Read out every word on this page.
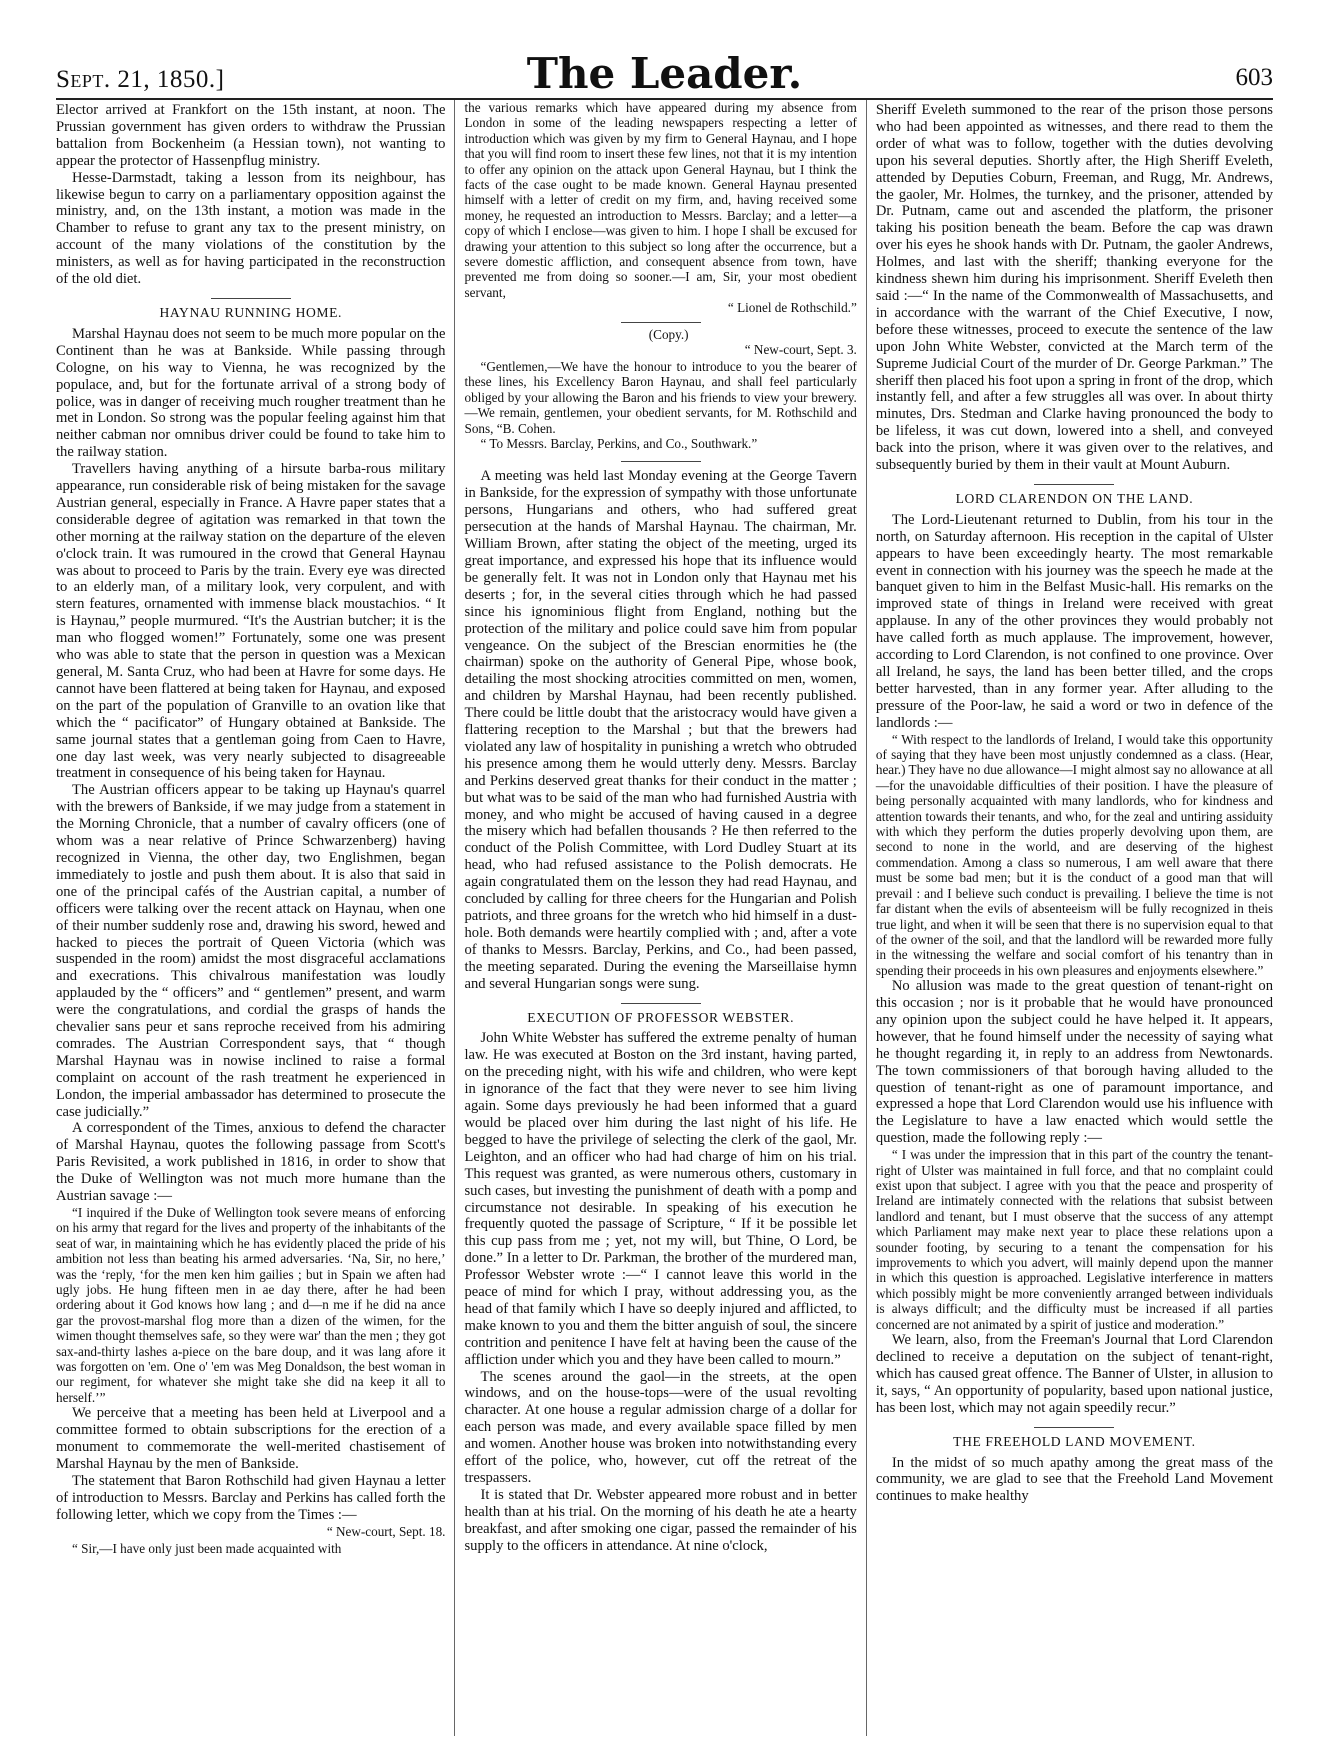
Sept. 21, 1850.]	The Leader.	603

Elector arrived at Frankfort on the 15th instant, at noon. The Prussian government has given orders to withdraw the Prussian battalion from Bockenheim (a Hessian town), not wanting to appear the protector of Hassenpflug ministry.

Hesse-Darmstadt, taking a lesson from its neighbour, has likewise begun to carry on a parliamentary opposition against the ministry, and, on the 13th instant, a motion was made in the Chamber to refuse to grant any tax to the present ministry, on account of the many violations of the constitution by the ministers, as well as for having participated in the reconstruction of the old diet.

HAYNAU RUNNING HOME.

Marshal Haynau does not seem to be much more popular on the Continent than he was at Bankside. While passing through Cologne, on his way to Vienna, he was recognized by the populace, and, but for the fortunate arrival of a strong body of police, was in danger of receiving much rougher treatment than he met in London. So strong was the popular feeling against him that neither cabman nor omnibus driver could be found to take him to the railway station.

Travellers having anything of a hirsute barba-rous military appearance, run considerable risk of being mistaken for the savage Austrian general, especially in France. A Havre paper states that a considerable degree of agitation was remarked in that town the other morning at the railway station on the departure of the eleven o'clock train. It was rumoured in the crowd that General Haynau was about to proceed to Paris by the train. Every eye was directed to an elderly man, of a military look, very corpulent, and with stern features, ornamented with immense black moustachios. “ It is Haynau,” people murmured. “It's the Austrian butcher; it is the man who flogged women!” Fortunately, some one was present who was able to state that the person in question was a Mexican general, M. Santa Cruz, who had been at Havre for some days. He cannot have been flattered at being taken for Haynau, and exposed on the part of the population of Granville to an ovation like that which the “ pacificator” of Hungary obtained at Bankside. The same journal states that a gentleman going from Caen to Havre, one day last week, was very nearly subjected to disagreeable treatment in consequence of his being taken for Haynau.

The Austrian officers appear to be taking up Haynau's quarrel with the brewers of Bankside, if we may judge from a statement in the Morning Chronicle, that a number of cavalry officers (one of whom was a near relative of Prince Schwarzenberg) having recognized in Vienna, the other day, two Englishmen, began immediately to jostle and push them about. It is also that said in one of the principal cafés of the Austrian capital, a number of officers were talking over the recent attack on Haynau, when one of their number suddenly rose and, drawing his sword, hewed and hacked to pieces the portrait of Queen Victoria (which was suspended in the room) amidst the most disgraceful acclamations and execrations. This chivalrous manifestation was loudly applauded by the “ officers” and “ gentlemen” present, and warm were the congratulations, and cordial the grasps of hands the chevalier sans peur et sans reproche received from his admiring comrades. The Austrian Correspondent says, that “ though Marshal Haynau was in nowise inclined to raise a formal complaint on account of the rash treatment he experienced in London, the imperial ambassador has determined to prosecute the case judicially.”

A correspondent of the Times, anxious to defend the character of Marshal Haynau, quotes the following passage from Scott's Paris Revisited, a work published in 1816, in order to show that the Duke of Wellington was not much more humane than the Austrian savage :—

“I inquired if the Duke of Wellington took severe means of enforcing on his army that regard for the lives and property of the inhabitants of the seat of war, in maintaining which he has evidently placed the pride of his ambition not less than beating his armed adversaries. ‘Na, Sir, no here,’ was the ‘reply, ‘for the men ken him gailies ; but in Spain we aften had ugly jobs. He hung fifteen men in ae day there, after he had been ordering about it God knows how lang ; and d—n me if he did na ance gar the provost-marshal flog more than a dizen of the wimen, for the wimen thought themselves safe, so they were war' than the men ; they got sax-and-thirty lashes a-piece on the bare doup, and it was lang afore it was forgotten on 'em. One o' 'em was Meg Donaldson, the best woman in our regiment, for whatever she might take she did na keep it all to herself.’”

We perceive that a meeting has been held at Liverpool and a committee formed to obtain subscriptions for the erection of a monument to commemorate the well-merited chastisement of Marshal Haynau by the men of Bankside.

The statement that Baron Rothschild had given Haynau a letter of introduction to Messrs. Barclay and Perkins has called forth the following letter, which we copy from the Times :—

“ New-court, Sept. 18.

“ Sir,—I have only just been made acquainted with

the various remarks which have appeared during my absence from London in some of the leading newspapers respecting a letter of introduction which was given by my firm to General Haynau, and I hope that you will find room to insert these few lines, not that it is my intention to offer any opinion on the attack upon General Haynau, but I think the facts of the case ought to be made known. General Haynau presented himself with a letter of credit on my firm, and, having received some money, he requested an introduction to Messrs. Barclay; and a letter—a copy of which I enclose—was given to him. I hope I shall be excused for drawing your attention to this subject so long after the occurrence, but a severe domestic affliction, and consequent absence from town, have prevented me from doing so sooner.—I am, Sir, your most obedient servant,

“ Lionel de Rothschild.”

(Copy.)

“ New-court, Sept. 3.

“Gentlemen,—We have the honour to introduce to you the bearer of these lines, his Excellency Baron Haynau, and shall feel particularly obliged by your allowing the Baron and his friends to view your brewery. —We remain, gentlemen, your obedient servants, for M. Rothschild and Sons, “B. Cohen.

“ To Messrs. Barclay, Perkins, and Co., Southwark.”

A meeting was held last Monday evening at the George Tavern in Bankside, for the expression of sympathy with those unfortunate persons, Hungarians and others, who had suffered great persecution at the hands of Marshal Haynau. The chairman, Mr. William Brown, after stating the object of the meeting, urged its great importance, and expressed his hope that its influence would be generally felt. It was not in London only that Haynau met his deserts ; for, in the several cities through which he had passed since his ignominious flight from England, nothing but the protection of the military and police could save him from popular vengeance. On the subject of the Brescian enormities he (the chairman) spoke on the authority of General Pipe, whose book, detailing the most shocking atrocities committed on men, women, and children by Marshal Haynau, had been recently published. There could be little doubt that the aristocracy would have given a flattering reception to the Marshal ; but that the brewers had violated any law of hospitality in punishing a wretch who obtruded his presence among them he would utterly deny. Messrs. Barclay and Perkins deserved great thanks for their conduct in the matter ; but what was to be said of the man who had furnished Austria with money, and who might be accused of having caused in a degree the misery which had befallen thousands ? He then referred to the conduct of the Polish Committee, with Lord Dudley Stuart at its head, who had refused assistance to the Polish democrats. He again congratulated them on the lesson they had read Haynau, and concluded by calling for three cheers for the Hungarian and Polish patriots, and three groans for the wretch who hid himself in a dust-hole. Both demands were heartily complied with ; and, after a vote of thanks to Messrs. Barclay, Perkins, and Co., had been passed, the meeting separated. During the evening the Marseillaise hymn and several Hungarian songs were sung.

EXECUTION OF PROFESSOR WEBSTER.

John White Webster has suffered the extreme penalty of human law. He was executed at Boston on the 3rd instant, having parted, on the preceding night, with his wife and children, who were kept in ignorance of the fact that they were never to see him living again. Some days previously he had been informed that a guard would be placed over him during the last night of his life. He begged to have the privilege of selecting the clerk of the gaol, Mr. Leighton, and an officer who had had charge of him on his trial. This request was granted, as were numerous others, customary in such cases, but investing the punishment of death with a pomp and circumstance not desirable. In speaking of his execution he frequently quoted the passage of Scripture, “ If it be possible let this cup pass from me ; yet, not my will, but Thine, O Lord, be done.” In a letter to Dr. Parkman, the brother of the murdered man, Professor Webster wrote :—“ I cannot leave this world in the peace of mind for which I pray, without addressing you, as the head of that family which I have so deeply injured and afflicted, to make known to you and them the bitter anguish of soul, the sincere contrition and penitence I have felt at having been the cause of the affliction under which you and they have been called to mourn.”

The scenes around the gaol—in the streets, at the open windows, and on the house-tops—were of the usual revolting character. At one house a regular admission charge of a dollar for each person was made, and every available space filled by men and women. Another house was broken into notwithstanding every effort of the police, who, however, cut off the retreat of the trespassers.

It is stated that Dr. Webster appeared more robust and in better health than at his trial. On the morning of his death he ate a hearty breakfast, and after smoking one cigar, passed the remainder of his supply to the officers in attendance. At nine o'clock,

Sheriff Eveleth summoned to the rear of the prison those persons who had been appointed as witnesses, and there read to them the order of what was to follow, together with the duties devolving upon his several deputies. Shortly after, the High Sheriff Eveleth, attended by Deputies Coburn, Freeman, and Rugg, Mr. Andrews, the gaoler, Mr. Holmes, the turnkey, and the prisoner, attended by Dr. Putnam, came out and ascended the platform, the prisoner taking his position beneath the beam. Before the cap was drawn over his eyes he shook hands with Dr. Putnam, the gaoler Andrews, Holmes, and last with the sheriff; thanking everyone for the kindness shewn him during his imprisonment. Sheriff Eveleth then said :—“ In the name of the Commonwealth of Massachusetts, and in accordance with the warrant of the Chief Executive, I now, before these witnesses, proceed to execute the sentence of the law upon John White Webster, convicted at the March term of the Supreme Judicial Court of the murder of Dr. George Parkman.” The sheriff then placed his foot upon a spring in front of the drop, which instantly fell, and after a few struggles all was over. In about thirty minutes, Drs. Stedman and Clarke having pronounced the body to be lifeless, it was cut down, lowered into a shell, and conveyed back into the prison, where it was given over to the relatives, and subsequently buried by them in their vault at Mount Auburn.

LORD CLARENDON ON THE LAND.

The Lord-Lieutenant returned to Dublin, from his tour in the north, on Saturday afternoon. His reception in the capital of Ulster appears to have been exceedingly hearty. The most remarkable event in connection with his journey was the speech he made at the banquet given to him in the Belfast Music-hall. His remarks on the improved state of things in Ireland were received with great applause. In any of the other provinces they would probably not have called forth as much applause. The improvement, however, according to Lord Clarendon, is not confined to one province. Over all Ireland, he says, the land has been better tilled, and the crops better harvested, than in any former year. After alluding to the pressure of the Poor-law, he said a word or two in defence of the landlords :—

“ With respect to the landlords of Ireland, I would take this opportunity of saying that they have been most unjustly condemned as a class. (Hear, hear.) They have no due allowance—I might almost say no allowance at all—for the unavoidable difficulties of their position. I have the pleasure of being personally acquainted with many landlords, who for kindness and attention towards their tenants, and who, for the zeal and untiring assiduity with which they perform the duties properly devolving upon them, are second to none in the world, and are deserving of the highest commendation. Among a class so numerous, I am well aware that there must be some bad men; but it is the conduct of a good man that will prevail : and I believe such conduct is prevailing. I believe the time is not far distant when the evils of absenteeism will be fully recognized in theis true light, and when it will be seen that there is no supervision equal to that of the owner of the soil, and that the landlord will be rewarded more fully in the witnessing the welfare and social comfort of his tenantry than in spending their proceeds in his own pleasures and enjoyments elsewhere.”

No allusion was made to the great question of tenant-right on this occasion ; nor is it probable that he would have pronounced any opinion upon the subject could he have helped it. It appears, however, that he found himself under the necessity of saying what he thought regarding it, in reply to an address from Newtonards. The town commissioners of that borough having alluded to the question of tenant-right as one of paramount importance, and expressed a hope that Lord Clarendon would use his influence with the Legislature to have a law enacted which would settle the question, made the following reply :—

“ I was under the impression that in this part of the country the tenant-right of Ulster was maintained in full force, and that no complaint could exist upon that subject. I agree with you that the peace and prosperity of Ireland are intimately connected with the relations that subsist between landlord and tenant, but I must observe that the success of any attempt which Parliament may make next year to place these relations upon a sounder footing, by securing to a tenant the compensation for his improvements to which you advert, will mainly depend upon the manner in which this question is approached. Legislative interference in matters which possibly might be more conveniently arranged between individuals is always difficult; and the difficulty must be increased if all parties concerned are not animated by a spirit of justice and moderation.”

We learn, also, from the Freeman's Journal that Lord Clarendon declined to receive a deputation on the subject of tenant-right, which has caused great offence. The Banner of Ulster, in allusion to it, says, “ An opportunity of popularity, based upon national justice, has been lost, which may not again speedily recur.”

THE FREEHOLD LAND MOVEMENT.

In the midst of so much apathy among the great mass of the community, we are glad to see that the Freehold Land Movement continues to make healthy
